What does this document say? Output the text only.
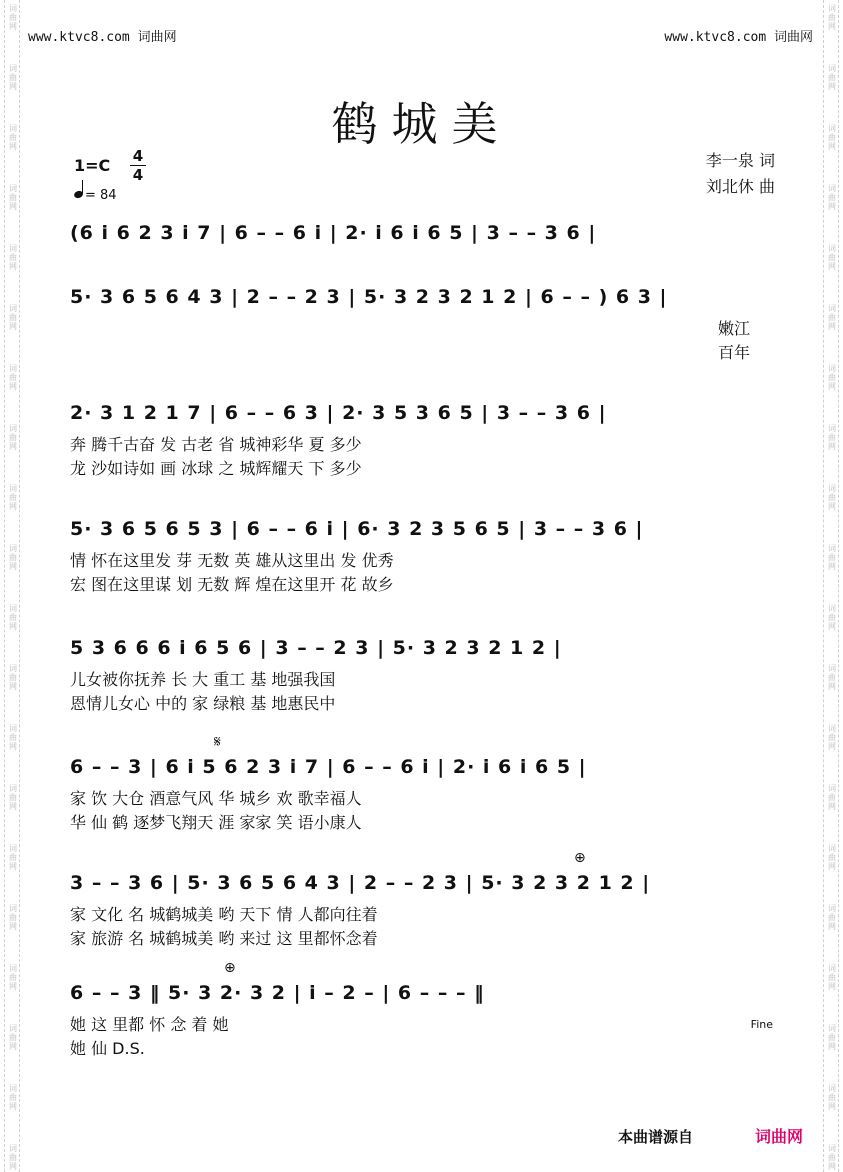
www.ktvc8.com 词曲网	www.ktvc8.com 词曲网
鹤城美
1=C 4
4
= 84
李一泉 词
刘北休 曲
(6 i 6 2 3 i 7 | 6 – – 6 i | 2· i 6 i 6 5 | 3 – – 3 6 |
5· 3 6 5 6 4 3 | 2 – – 2 3 | 5· 3 2 3 2 1 2 | 6 – – ) 6 3 |
嫩江
百年
2· 3 1 2 1 7 | 6 – – 6 3 | 2· 3 5 3 6 5 | 3 – – 3 6 |
奔 腾千古奋 发 古老 省 城神彩华 夏 多少
龙 沙如诗如 画 冰球 之 城辉耀天 下 多少
5· 3 6 5 6 5 3 | 6 – – 6 i | 6· 3 2 3 5 6 5 | 3 – – 3 6 |
情 怀在这里发 芽 无数 英 雄从这里出 发 优秀
宏 图在这里谋 划 无数 辉 煌在这里开 花 故乡
5 3 6 6 6 i 6 5 6 | 3 – – 2 3 | 5· 3 2 3 2 1 2 |
儿女被你抚养 长 大 重工 基 地强我国
恩情儿女心 中的 家 绿粮 基 地惠民中
𝄋
6 – – 3 | 6 i 5 6 2 3 i 7 | 6 – – 6 i | 2· i 6 i 6 5 |
家 饮 大仓 酒意气风 华 城乡 欢 歌幸福人
华 仙 鹤 逐梦飞翔天 涯 家家 笑 语小康人
⊕
3 – – 3 6 | 5· 3 6 5 6 4 3 | 2 – – 2 3 | 5· 3 2 3 2 1 2 |
家 文化 名 城鹤城美 哟 天下 情 人都向往着
家 旅游 名 城鹤城美 哟 来过 这 里都怀念着
⊕
6 – – 3 ‖ 5· 3 2· 3 2 | i – 2 – | 6 – – – ‖
她 这 里都 怀 念 着 她
她 仙 D.S.
Fine
本曲谱源自	词曲网
词
曲
网
词
曲
网
词
曲
网
词
曲
网
词
曲
网
词
曲
网
词
曲
网
词
曲
网
词
曲
网
词
曲
网
词
曲
网
词
曲
网
词
曲
网
词
曲
网
词
曲
网
词
曲
网
词
曲
网
词
曲
网
词
曲
网
词
曲
网
词
曲
网
词
曲
网
词
曲
网
词
曲
网
词
曲
网
词
曲
网
词
曲
网
词
曲
网
词
曲
网
词
曲
网
词
曲
网
词
曲
网
词
曲
网
词
曲
网
词
曲
网
词
曲
网
词
曲
网
词
曲
网
词
曲
网
词
曲
网
